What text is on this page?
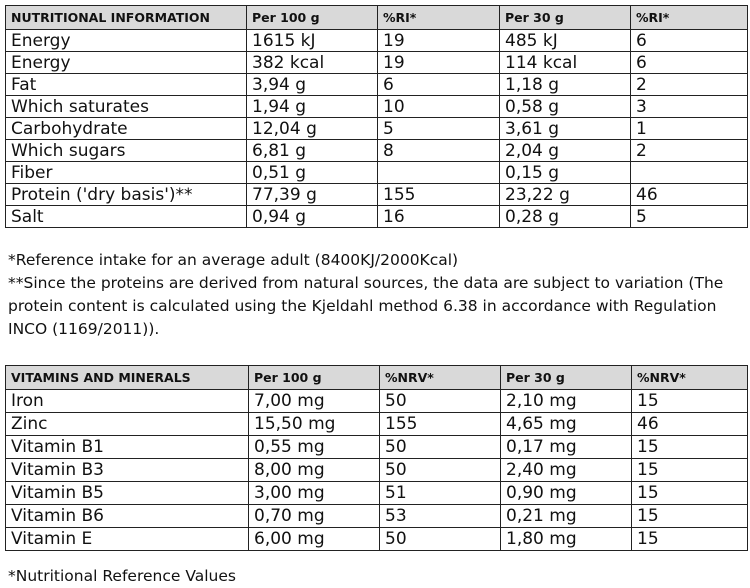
NUTRITIONAL INFORMATION	Per 100 g	%RI*	Per 30 g	%RI*
Energy	1615 kJ	19	485 kJ	6
Energy	382 kcal	19	114 kcal	6
Fat	3,94 g	6	1,18 g	2
Which saturates	1,94 g	10	0,58 g	3
Carbohydrate	12,04 g	5	3,61 g	1
Which sugars	6,81 g	8	2,04 g	2
Fiber	0,51 g		0,15 g	
Protein ('dry basis')**	77,39 g	155	23,22 g	46
Salt	0,94 g	16	0,28 g	5

*Reference intake for an average adult (8400KJ/2000Kcal)

**Since the proteins are derived from natural sources, the data are subject to variation (The protein content is calculated using the Kjeldahl method 6.38 in accordance with Regulation INCO (1169/2011)).

VITAMINS AND MINERALS	Per 100 g	%NRV*	Per 30 g	%NRV*
Iron	7,00 mg	50	2,10 mg	15
Zinc	15,50 mg	155	4,65 mg	46
Vitamin B1	0,55 mg	50	0,17 mg	15
Vitamin B3	8,00 mg	50	2,40 mg	15
Vitamin B5	3,00 mg	51	0,90 mg	15
Vitamin B6	0,70 mg	53	0,21 mg	15
Vitamin E	6,00 mg	50	1,80 mg	15

*Nutritional Reference Values
